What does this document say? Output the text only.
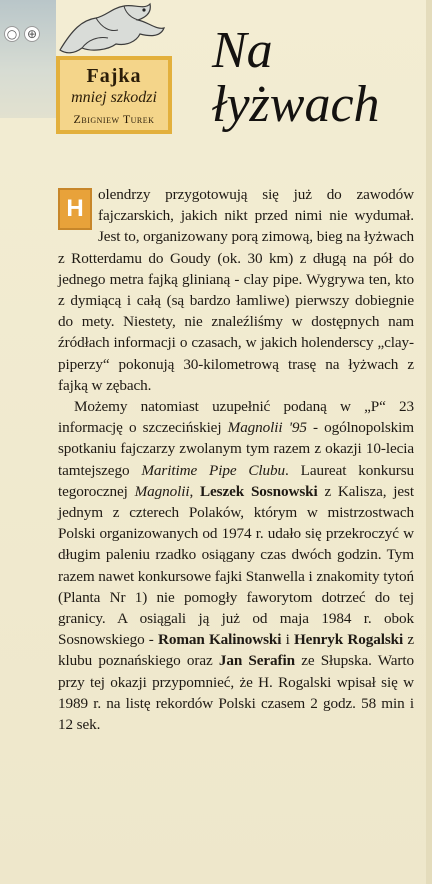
○ ⊕
Fajka
mniej szkodzi
Zbigniew Turek
Na
łyżwach

H
olendrzy przygotowują się już do zawodów fajczarskich, jakich nikt przed nimi nie wydumał. Jest to, organizowany porą zimową, bieg na łyżwach z Rotterdamu do Goudy (ok. 30 km) z długą na pół do jednego metra fajką glinianą - clay pipe. Wygrywa ten, kto z dymiącą i całą (są bardzo łamliwe) pierwszy dobiegnie do mety. Niestety, nie znaleźliśmy w dostępnych nam źródłach informacji o czasach, w jakich holenderscy „clay-piperzy“ pokonują 30-kilometrową trasę na łyżwach z fajką w zębach.

Możemy natomiast uzupełnić podaną w „P“ 23 informację o szczecińskiej Magnolii '95 - ogólnopolskim spotkaniu fajczarzy zwolanym tym razem z okazji 10-lecia tamtejszego Maritime Pipe Clubu. Laureat konkursu tegorocznej Magnolii, Leszek Sosnowski z Kalisza, jest jednym z czterech Polaków, którym w mistrzostwach Polski organizowanych od 1974 r. udało się przekroczyć w długim paleniu rzadko osiągany czas dwóch godzin. Tym razem nawet konkursowe fajki Stanwella i znakomity tytoń (Planta Nr 1) nie pomogły faworytom dotrzeć do tej granicy. A osiągali ją już od maja 1984 r. obok Sosnowskiego - Roman Kalinowski i Henryk Rogalski z klubu poznańskiego oraz Jan Serafin ze Słupska. Warto przy tej okazji przypomnieć, że H. Rogalski wpisał się w 1989 r. na listę rekordów Polski czasem 2 godz. 58 min i 12 sek.
